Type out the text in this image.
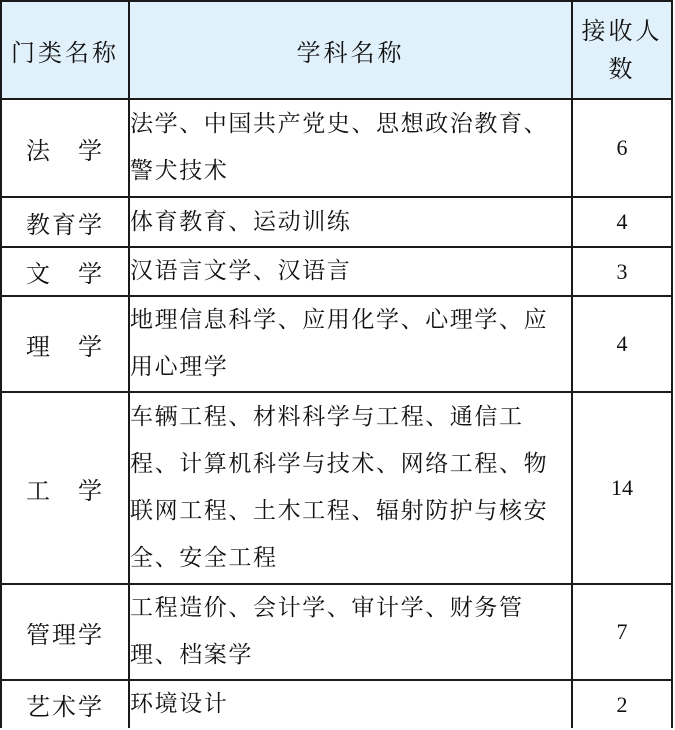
门类名称	学科名称	接收人数
法　学	法学、中国共产党史、思想政治教育、警犬技术	6
教育学	体育教育、运动训练	4
文　学	汉语言文学、汉语言	3
理　学	地理信息科学、应用化学、心理学、应用心理学	4
工　学	车辆工程、材料科学与工程、通信工程、计算机科学与技术、网络工程、物联网工程、土木工程、辐射防护与核安全、安全工程	14
管理学	工程造价、会计学、审计学、财务管理、档案学	7
艺术学	环境设计	2
